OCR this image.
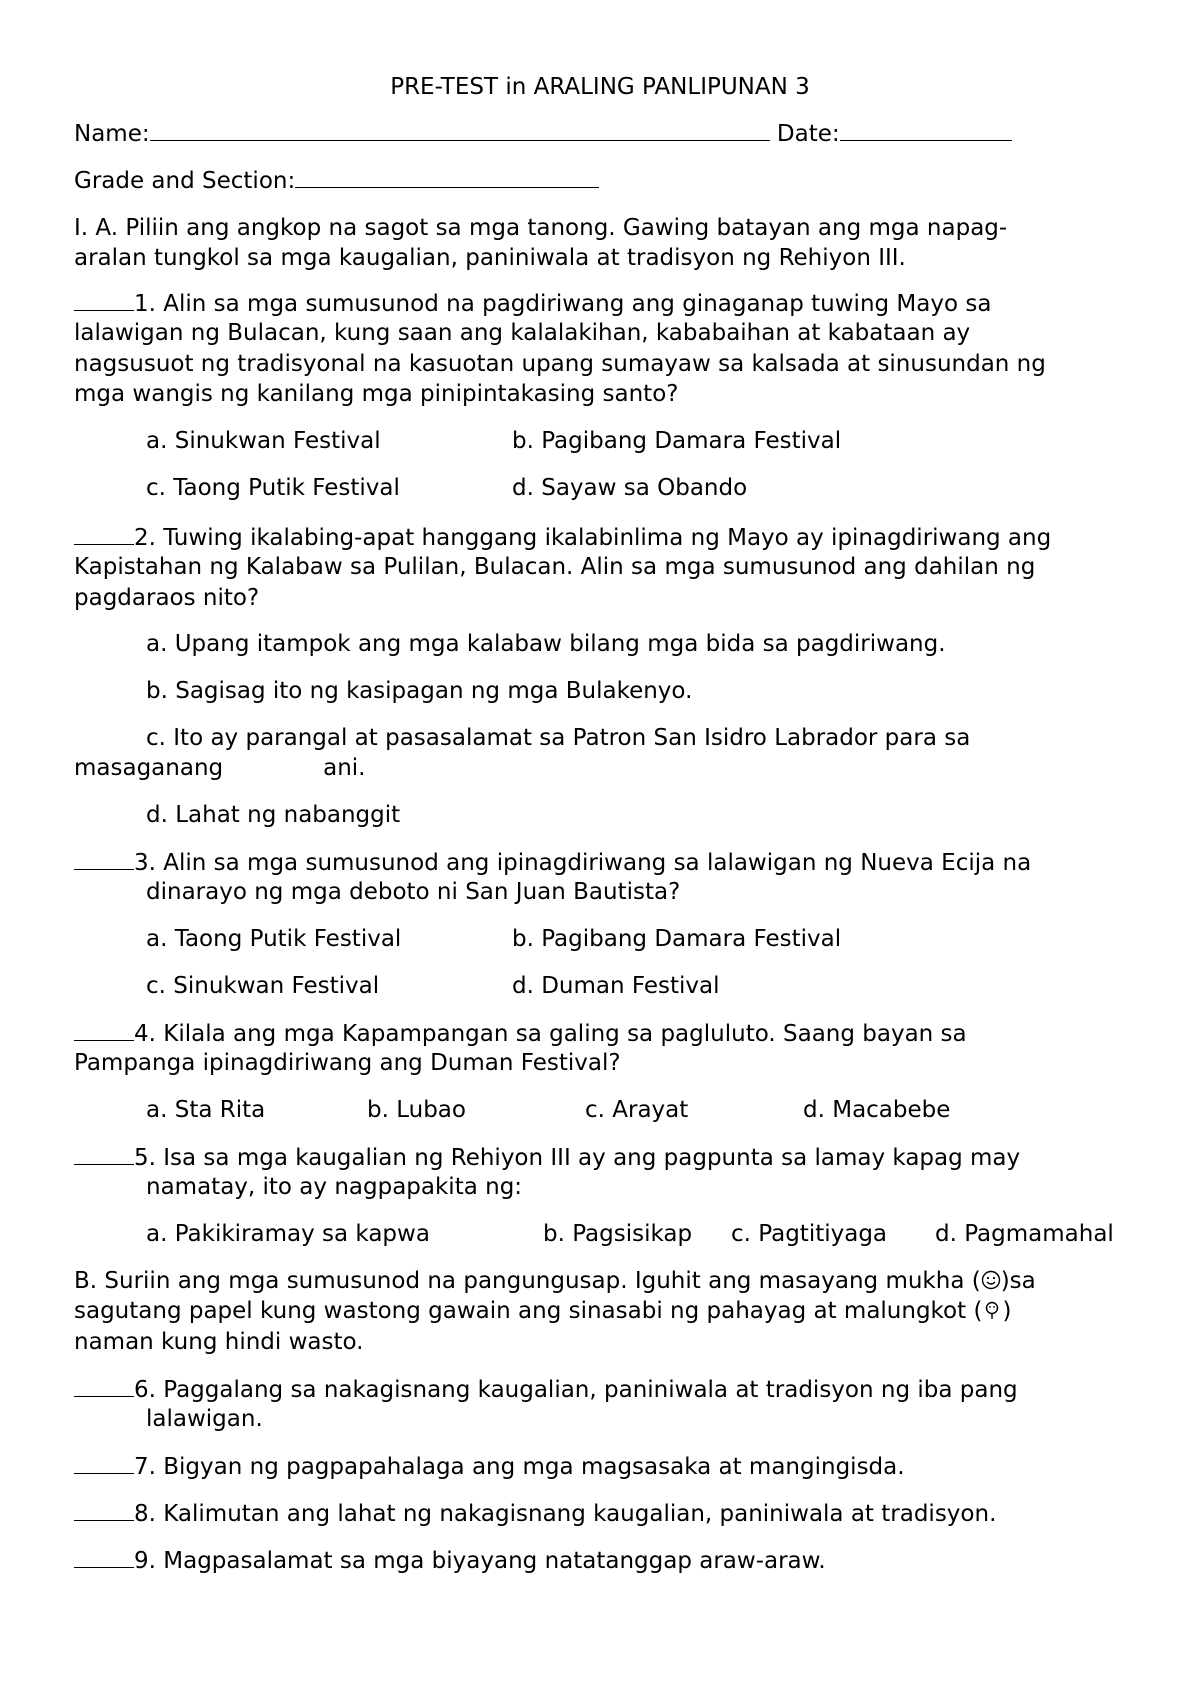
PRE-TEST in ARALING PANLIPUNAN 3
Name:	Date:
Grade and Section:
I. A. Piliin ang angkop na sagot sa mga tanong. Gawing batayan ang mga napag-
aralan tungkol sa mga kaugalian, paniniwala at tradisyon ng Rehiyon III.
1. Alin sa mga sumusunod na pagdiriwang ang ginaganap tuwing Mayo sa
lalawigan ng Bulacan, kung saan ang kalalakihan, kababaihan at kabataan ay
nagsusuot ng tradisyonal na kasuotan upang sumayaw sa kalsada at sinusundan ng
mga wangis ng kanilang mga pinipintakasing santo?
a. Sinukwan Festival	b. Pagibang Damara Festival
c. Taong Putik Festival	d. Sayaw sa Obando
2. Tuwing ikalabing-apat hanggang ikalabinlima ng Mayo ay ipinagdiriwang ang
Kapistahan ng Kalabaw sa Pulilan, Bulacan. Alin sa mga sumusunod ang dahilan ng
pagdaraos nito?
a. Upang itampok ang mga kalabaw bilang mga bida sa pagdiriwang.
b. Sagisag ito ng kasipagan ng mga Bulakenyo.
c. Ito ay parangal at pasasalamat sa Patron San Isidro Labrador para sa
masaganang	ani.
d. Lahat ng nabanggit
3. Alin sa mga sumusunod ang ipinagdiriwang sa lalawigan ng Nueva Ecija na
dinarayo ng mga deboto ni San Juan Bautista?
a. Taong Putik Festival	b. Pagibang Damara Festival
c. Sinukwan Festival	d. Duman Festival
4. Kilala ang mga Kapampangan sa galing sa pagluluto. Saang bayan sa
Pampanga ipinagdiriwang ang Duman Festival?
a. Sta Rita	b. Lubao	c. Arayat	d. Macabebe
5. Isa sa mga kaugalian ng Rehiyon III ay ang pagpunta sa lamay kapag may
namatay, ito ay nagpapakita ng:
a. Pakikiramay sa kapwa	b. Pagsisikap c. Pagtitiyaga d. Pagmamahal
B. Suriin ang mga sumusunod na pangungusap. Iguhit ang masayang mukha ( )sa
sagutang papel kung wastong gawain ang sinasabi ng pahayag at malungkot ( )
naman kung hindi wasto.
6. Paggalang sa nakagisnang kaugalian, paniniwala at tradisyon ng iba pang
lalawigan.
7. Bigyan ng pagpapahalaga ang mga magsasaka at mangingisda.
8. Kalimutan ang lahat ng nakagisnang kaugalian, paniniwala at tradisyon.
9. Magpasalamat sa mga biyayang natatanggap araw-araw.
